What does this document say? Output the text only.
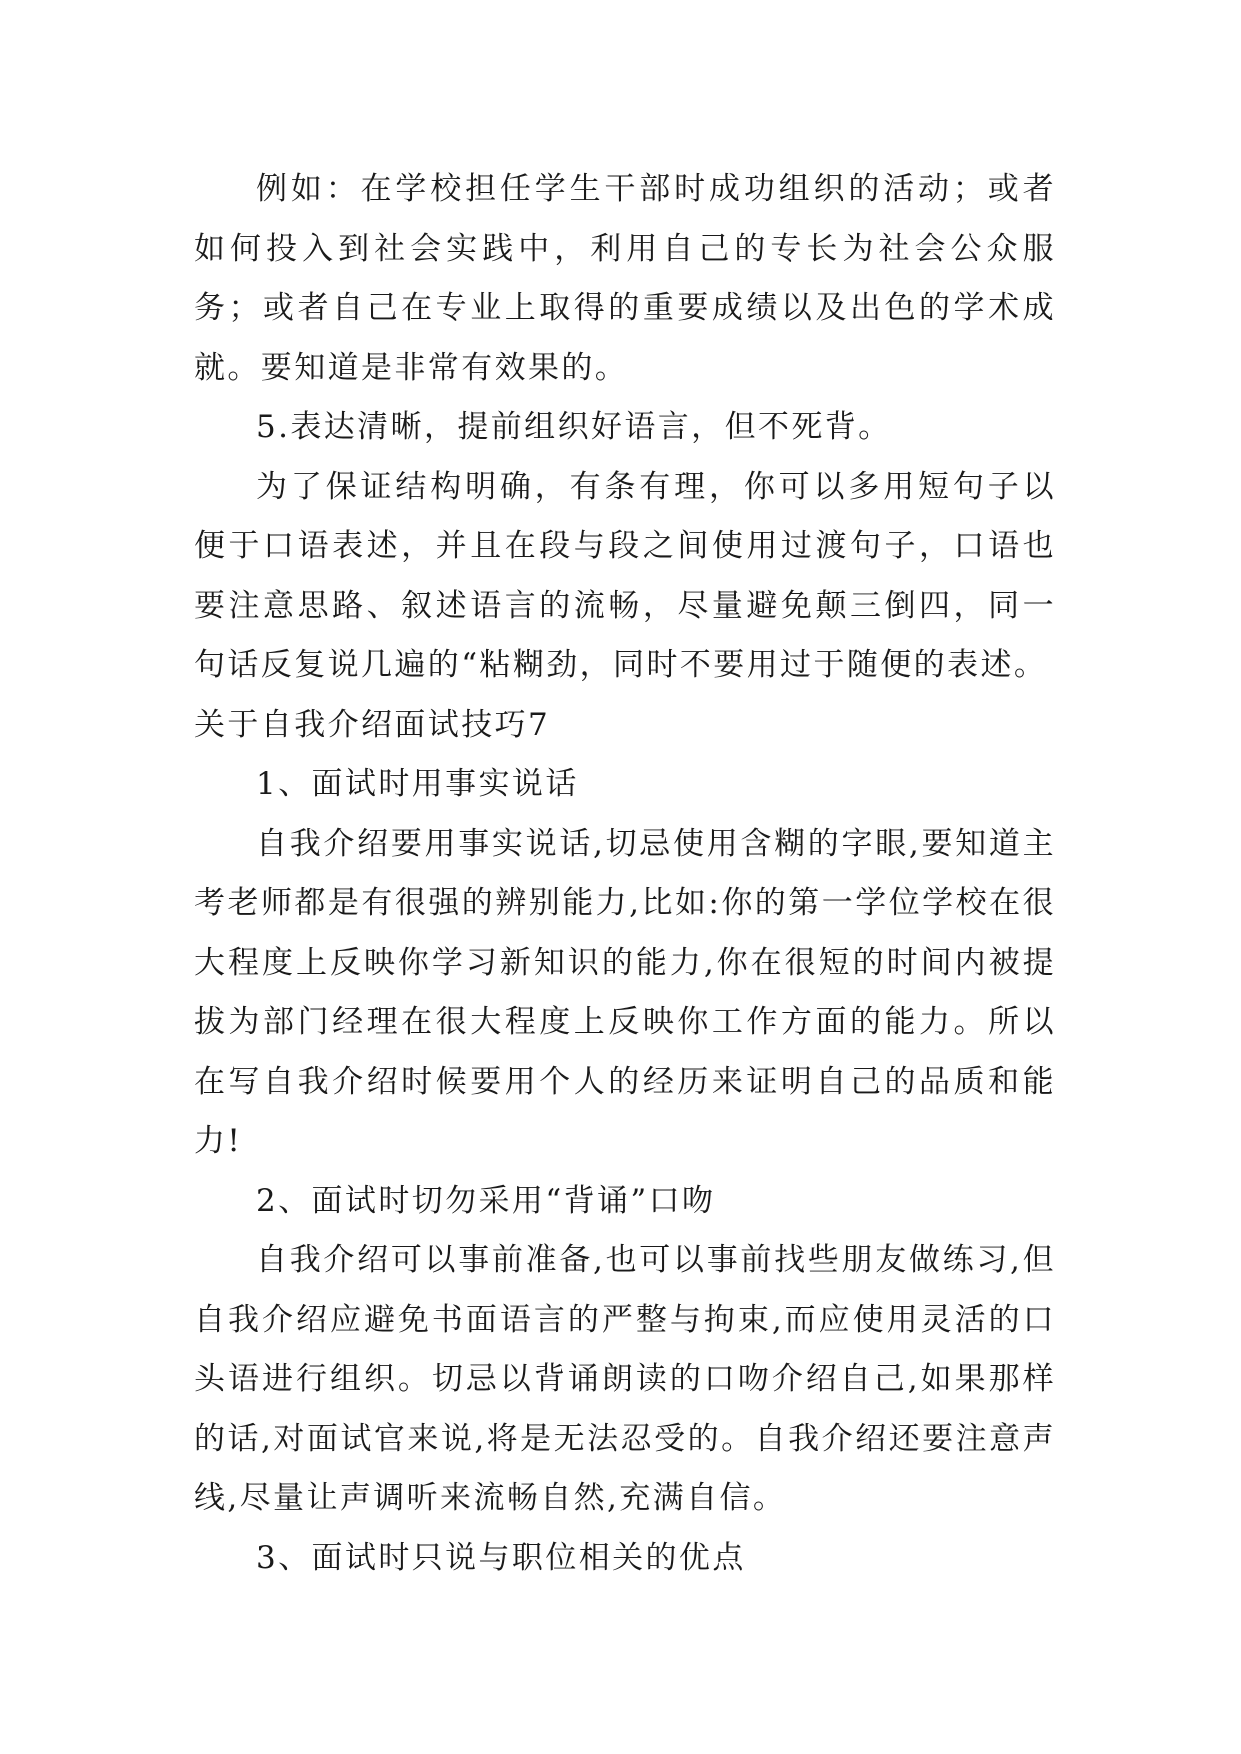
例如：在学校担任学生干部时成功组织的活动；或者如何投入到社会实践中，利用自己的专长为社会公众服务；或者自己在专业上取得的重要成绩以及出色的学术成就。要知道是非常有效果的。

5.表达清晰，提前组织好语言，但不死背。

为了保证结构明确，有条有理，你可以多用短句子以便于口语表述，并且在段与段之间使用过渡句子，口语也要注意思路、叙述语言的流畅，尽量避免颠三倒四，同一句话反复说几遍的“粘糊劲，同时不要用过于随便的表述。

关于自我介绍面试技巧7

1、面试时用事实说话

自我介绍要用事实说话,切忌使用含糊的字眼,要知道主考老师都是有很强的辨别能力,比如:你的第一学位学校在很大程度上反映你学习新知识的能力,你在很短的时间内被提拔为部门经理在很大程度上反映你工作方面的能力。所以在写自我介绍时候要用个人的经历来证明自己的品质和能力!

2、面试时切勿采用“背诵”口吻

自我介绍可以事前准备,也可以事前找些朋友做练习,但自我介绍应避免书面语言的严整与拘束,而应使用灵活的口头语进行组织。切忌以背诵朗读的口吻介绍自己,如果那样的话,对面试官来说,将是无法忍受的。自我介绍还要注意声线,尽量让声调听来流畅自然,充满自信。

3、面试时只说与职位相关的优点
